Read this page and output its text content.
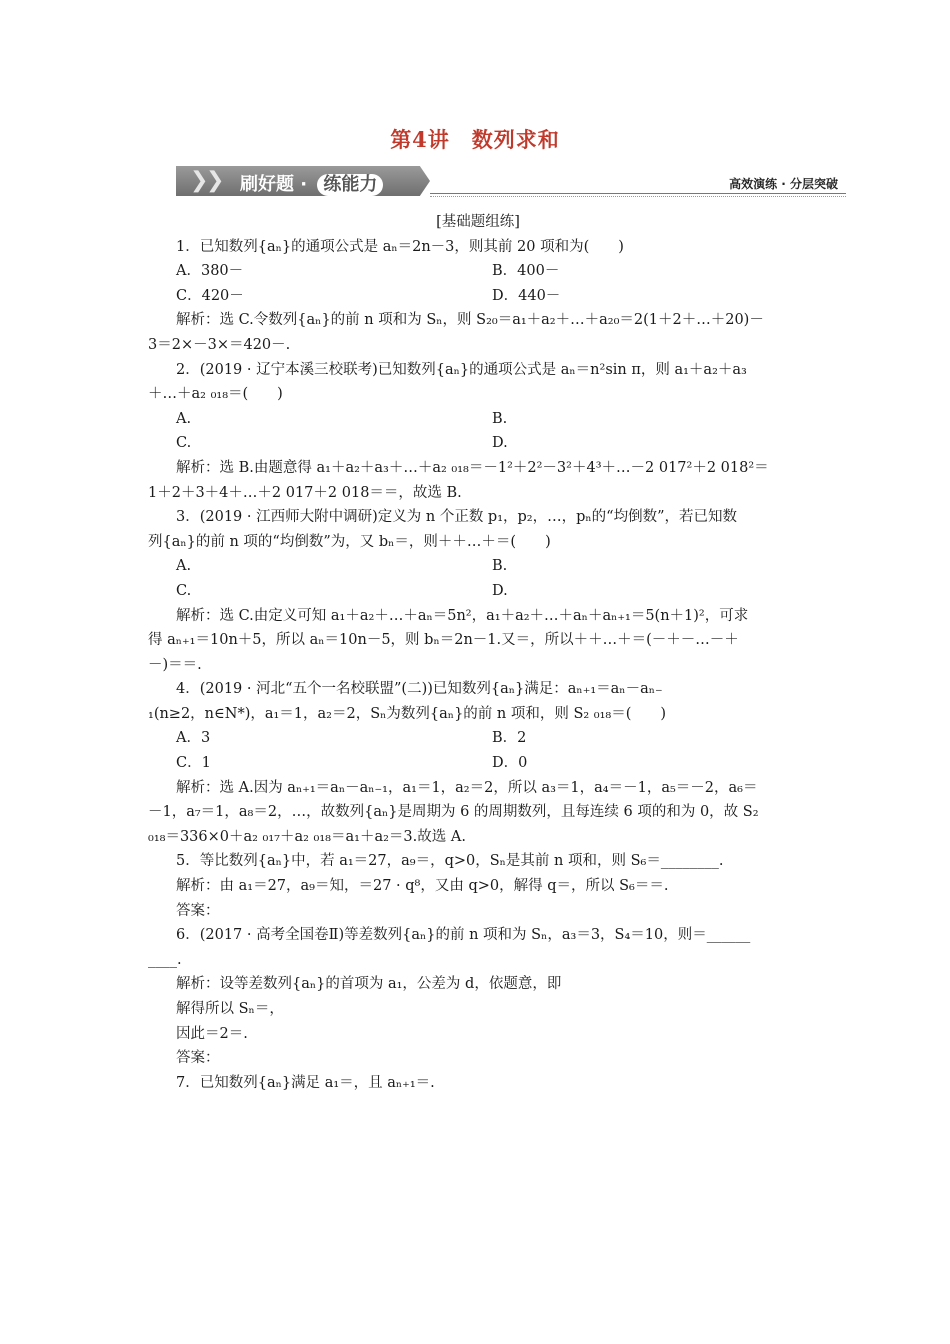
第4讲　数列求和
❯
❯ 刷好题 · 练能力	高效演练 · 分层突破

[基础题组练]

1．已知数列{aₙ}的通项公式是 aₙ＝2n－3，则其前 20 项和为(　　)

A．380－	B．400－
C．420－	D．440－

解析：选 C.令数列{aₙ}的前 n 项和为 Sₙ，则 S₂₀＝a₁＋a₂＋…＋a₂₀＝2(1＋2＋…＋20)－

3＝2×－3×＝420－.

2．(2019 · 辽宁本溪三校联考)已知数列{aₙ}的通项公式是 aₙ＝n²sin π，则 a₁＋a₂＋a₃

＋…＋a₂ ₀₁₈＝(　　)

A.	B.
C.	D.

解析：选 B.由题意得 a₁＋a₂＋a₃＋…＋a₂ ₀₁₈＝－1²＋2²－3²＋4³＋…－2 017²＋2 018²＝

1＋2＋3＋4＋…＋2 017＋2 018＝＝，故选 B.

3．(2019 · 江西师大附中调研)定义为 n 个正数 p₁，p₂，…，pₙ的“均倒数”，若已知数

列{aₙ}的前 n 项的“均倒数”为，又 bₙ＝，则＋＋…＋＝(　　)

A.	B.
C.	D.

解析：选 C.由定义可知 a₁＋a₂＋…＋aₙ＝5n²，a₁＋a₂＋…＋aₙ＋aₙ₊₁＝5(n＋1)²，可求

得 aₙ₊₁＝10n＋5，所以 aₙ＝10n－5，则 bₙ＝2n－1.又＝，所以＋＋…＋＝(－＋－…－＋

－)＝＝.

4．(2019 · 河北“五个一名校联盟”(二))已知数列{aₙ}满足：aₙ₊₁＝aₙ－aₙ₋

₁(n≥2，n∈N*)，a₁＝1，a₂＝2，Sₙ为数列{aₙ}的前 n 项和，则 S₂ ₀₁₈＝(　　)

A．3	B．2
C．1	D．0

解析：选 A.因为 aₙ₊₁＝aₙ－aₙ₋₁，a₁＝1，a₂＝2，所以 a₃＝1，a₄＝－1，a₅＝－2，a₆＝

－1，a₇＝1，a₈＝2，…，故数列{aₙ}是周期为 6 的周期数列，且每连续 6 项的和为 0，故 S₂

₀₁₈＝336×0＋a₂ ₀₁₇＋a₂ ₀₁₈＝a₁＋a₂＝3.故选 A.

5．等比数列{aₙ}中，若 a₁＝27，a₉＝，q>0，Sₙ是其前 n 项和，则 S₆＝________.

解析：由 a₁＝27，a₉＝知，＝27 · q⁸，又由 q>0，解得 q＝，所以 S₆＝＝.

答案：

6．(2017 · 高考全国卷Ⅱ)等差数列{aₙ}的前 n 项和为 Sₙ，a₃＝3，S₄＝10，则＝______

____.

解析：设等差数列{aₙ}的首项为 a₁，公差为 d，依题意，即

解得所以 Sₙ＝，

因此＝2＝.

答案：

7．已知数列{aₙ}满足 a₁＝，且 aₙ₊₁＝.
